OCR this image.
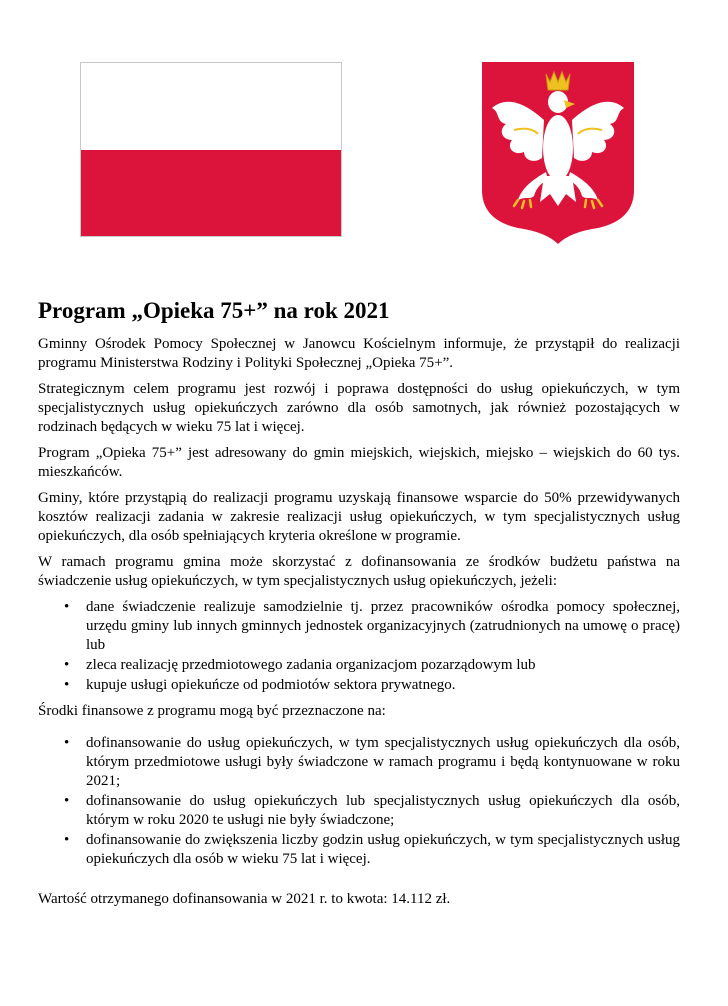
Program „Opieka 75+” na rok 2021

Gminny Ośrodek Pomocy Społecznej w Janowcu Kościelnym informuje, że przystąpił do realizacji programu Ministerstwa Rodziny i Polityki Społecznej „Opieka 75+”.

Strategicznym celem programu jest rozwój i poprawa dostępności do usług opiekuńczych, w tym specjalistycznych usług opiekuńczych zarówno dla osób samotnych, jak również pozostających w rodzinach będących w wieku 75 lat i więcej.

Program „Opieka 75+” jest adresowany do gmin miejskich, wiejskich, miejsko – wiejskich do 60 tys. mieszkańców.

Gminy, które przystąpią do realizacji programu uzyskają finansowe wsparcie do 50% przewidywanych kosztów realizacji zadania w zakresie realizacji usług opiekuńczych, w tym specjalistycznych usług opiekuńczych, dla osób spełniających kryteria określone w programie.

W ramach programu gmina może skorzystać z dofinansowania ze środków budżetu państwa na świadczenie usług opiekuńczych, w tym specjalistycznych usług opiekuńczych, jeżeli:

• dane świadczenie realizuje samodzielnie tj. przez pracowników ośrodka pomocy społecznej, urzędu gminy lub innych gminnych jednostek organizacyjnych (zatrudnionych na umowę o pracę) lub
• zleca realizację przedmiotowego zadania organizacjom pozarządowym lub
• kupuje usługi opiekuńcze od podmiotów sektora prywatnego.

Środki finansowe z programu mogą być przeznaczone na:

• dofinansowanie do usług opiekuńczych, w tym specjalistycznych usług opiekuńczych dla osób, którym przedmiotowe usługi były świadczone w ramach programu i będą kontynuowane w roku 2021;
• dofinansowanie do usług opiekuńczych lub specjalistycznych usług opiekuńczych dla osób, którym w roku 2020 te usługi nie były świadczone;
• dofinansowanie do zwiększenia liczby godzin usług opiekuńczych, w tym specjalistycznych usług opiekuńczych dla osób w wieku 75 lat i więcej.

Wartość otrzymanego dofinansowania w 2021 r. to kwota: 14.112 zł.
